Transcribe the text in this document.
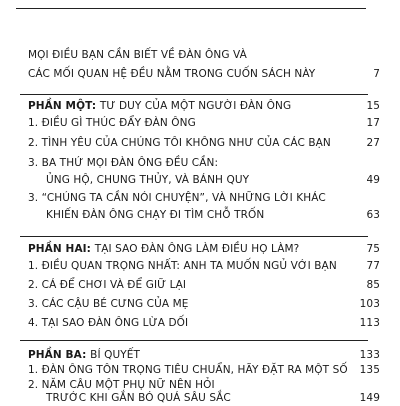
MỌI ĐIỀU BẠN CẦN BIẾT VỀ ĐÀN ÔNG VÀ
CÁC MỐI QUAN HỆ ĐỀU NẰM TRONG CUỐN SÁCH NÀY	7
PHẦN MỘT: TƯ DUY CỦA MỘT NGƯỜI ĐÀN ÔNG	15
1. ĐIỀU GÌ THÚC ĐẨY ĐÀN ÔNG	17
2. TÌNH YÊU CỦA CHÚNG TÔI KHÔNG NHƯ CỦA CÁC BẠN	27
3. BA THỨ MỌI ĐÀN ÔNG ĐỀU CẦN:
ỦNG HỘ, CHUNG THỦY, VÀ BÁNH QUY	49
3. “CHÚNG TA CẦN NÓI CHUYỆN”, VÀ NHỮNG LỜI KHÁC
KHIẾN ĐÀN ÔNG CHẠY ĐI TÌM CHỖ TRỐN	63
PHẦN HAI: TẠI SAO ĐÀN ÔNG LÀM ĐIỀU HỌ LÀM?	75
1. ĐIỀU QUAN TRỌNG NHẤT: ANH TA MUỐN NGỦ VỚI BẠN	77
2. CÁ ĐỂ CHƠI VÀ ĐỂ GIỮ LẠI	85
3. CÁC CẬU BÉ CƯNG CỦA MẸ	103
4. TẠI SAO ĐÀN ÔNG LỪA DỐI	113
PHẦN BA: BÍ QUYẾT	133
1. ĐÀN ÔNG TÔN TRỌNG TIÊU CHUẨN, HÃY ĐẶT RA MỘT SỐ 135
2. NĂM CÂU MỘT PHỤ NỮ NÊN HỎI
TRƯỚC KHI GẮN BÓ QUÁ SÂU SẮC	149
